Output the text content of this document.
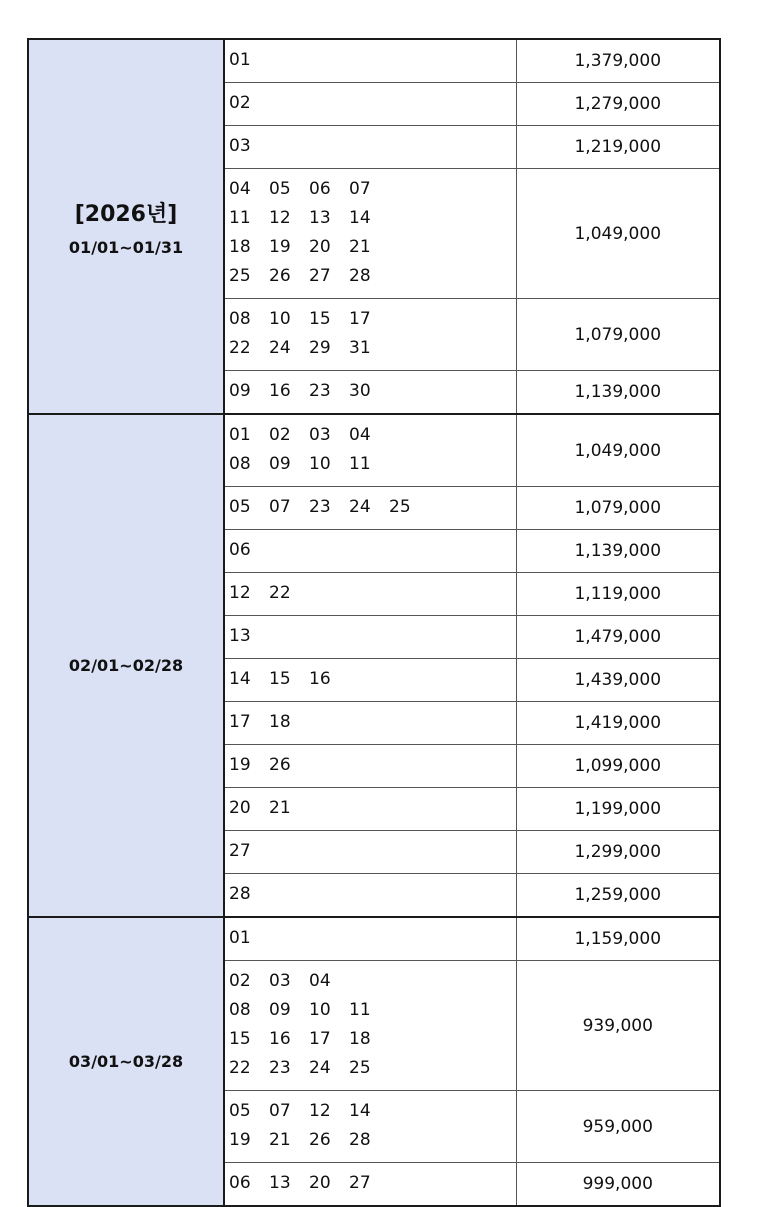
[2026년]
01/01~01/31	01	1,379,000

	02	1,279,000

	03	1,219,000

	04 05 06 07
11 12 13 14
18 19 20 21
25 26 27 28	1,049,000

	08 10 15 17
22 24 29 31	1,079,000

	09 16 23 30	1,139,000

02/01~02/28	01 02 03 04
08 09 10 11	1,049,000

	05 07 23 24 25	1,079,000

	06	1,139,000

	12 22	1,119,000

	13	1,479,000

	14 15 16	1,439,000

	17 18	1,419,000

	19 26	1,099,000

	20 21	1,199,000

	27	1,299,000

	28	1,259,000

03/01~03/28	01	1,159,000

	02 03 04
08 09 10 11
15 16 17 18
22 23 24 25	939,000

	05 07 12 14
19 21 26 28	959,000

	06 13 20 27	999,000
